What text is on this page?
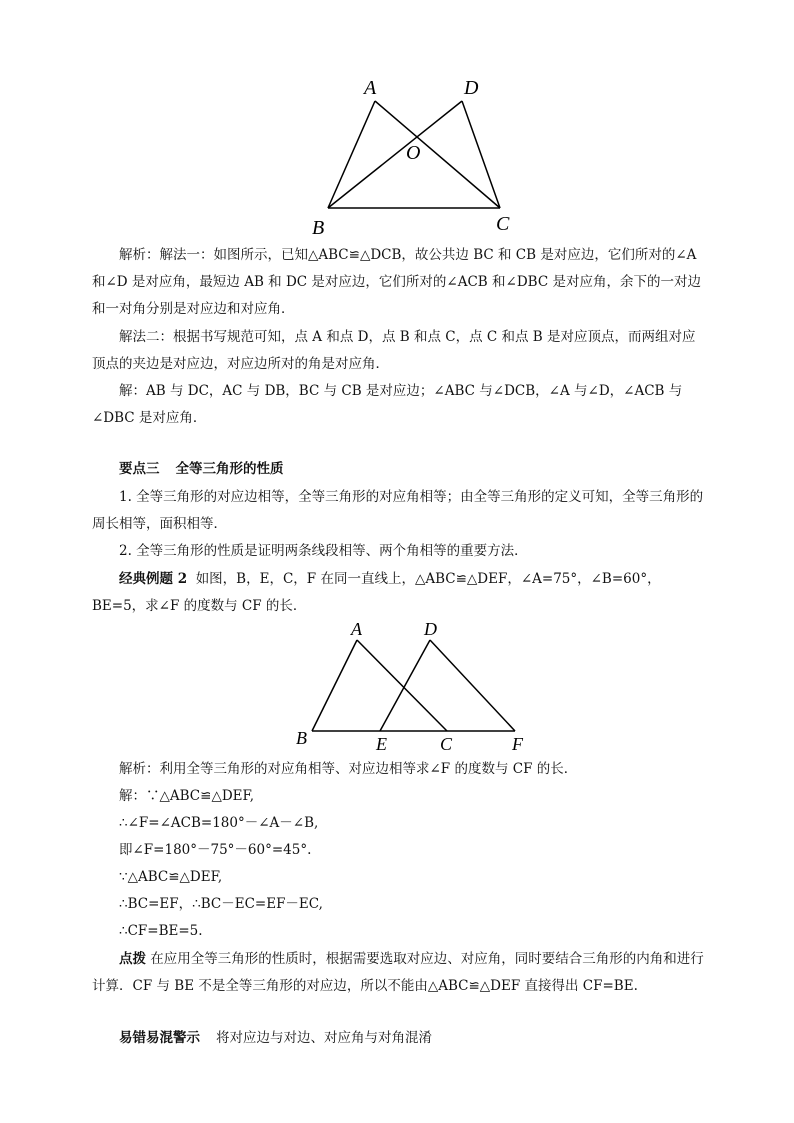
A	D
O
B	C

解析：解法一：如图所示，已知△ABC≌△DCB，故公共边 BC 和 CB 是对应边，它们所对的∠A 和∠D 是对应角，最短边 AB 和 DC 是对应边，它们所对的∠ACB 和∠DBC 是对应角，余下的一对边和一对角分别是对应边和对应角．

解法二：根据书写规范可知，点 A 和点 D，点 B 和点 C，点 C 和点 B 是对应顶点，而两组对应顶点的夹边是对应边，对应边所对的角是对应角．

解：AB 与 DC，AC 与 DB，BC 与 CB 是对应边；∠ABC 与∠DCB，∠A 与∠D，∠ACB 与∠DBC 是对应角．

要点三 全等三角形的性质

1. 全等三角形的对应边相等，全等三角形的对应角相等；由全等三角形的定义可知，全等三角形的周长相等，面积相等．

2. 全等三角形的性质是证明两条线段相等、两个角相等的重要方法．

经典例题 2 如图，B，E，C，F 在同一直线上，△ABC≌△DEF，∠A=75°，∠B=60°，BE=5，求∠F 的度数与 CF 的长．

A	D
B	E	C	F

解析：利用全等三角形的对应角相等、对应边相等求∠F 的度数与 CF 的长．

解：∵△ABC≌△DEF,

∴∠F=∠ACB=180°－∠A－∠B,

即∠F=180°－75°－60°=45°.

∵△ABC≌△DEF,

∴BC=EF，∴BC－EC=EF－EC,

∴CF=BE=5.

点拨 在应用全等三角形的性质时，根据需要选取对应边、对应角，同时要结合三角形的内角和进行计算．CF 与 BE 不是全等三角形的对应边，所以不能由△ABC≌△DEF 直接得出 CF=BE.

易错易混警示 将对应边与对边、对应角与对角混淆
